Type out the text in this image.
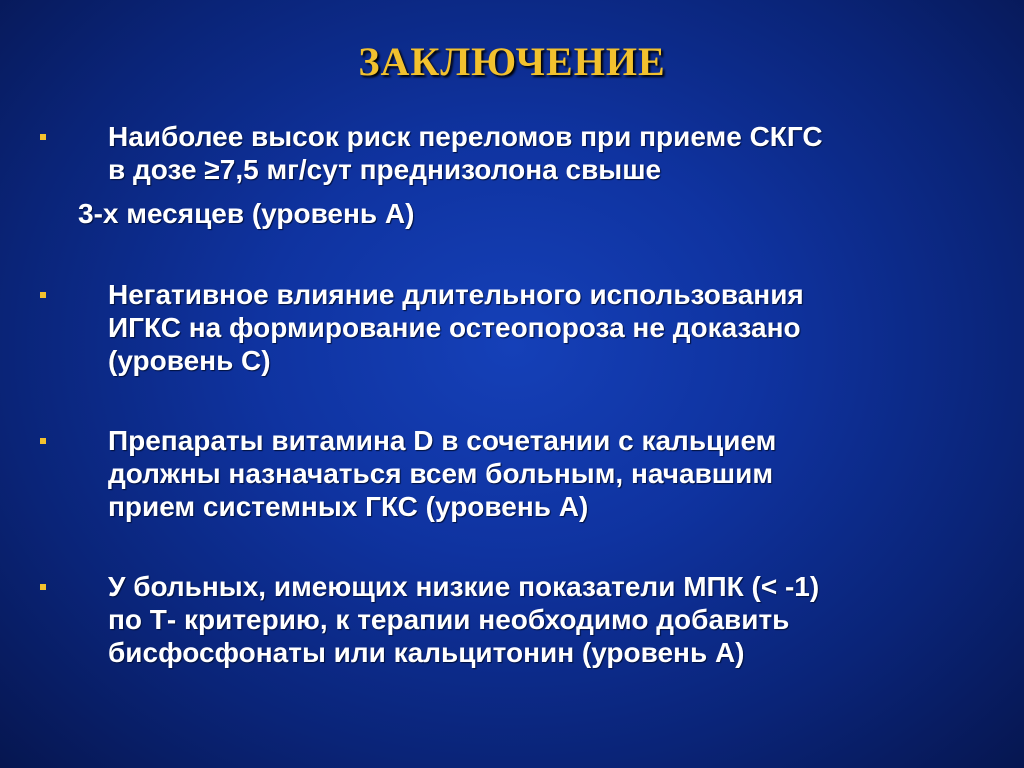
ЗАКЛЮЧЕНИЕ
Наиболее высок риск переломов при приеме СКГС
в дозе ≥7,5 мг/сут преднизолона свыше
3-х месяцев (уровень А)
Негативное влияние длительного использования
ИГКС на формирование остеопороза не доказано
(уровень С)
Препараты витамина D в сочетании с кальцием
должны назначаться всем больным, начавшим
прием системных ГКС (уровень А)
У больных, имеющих низкие показатели МПК (< -1)
по Т- критерию, к терапии необходимо добавить
бисфосфонаты или кальцитонин (уровень А)
